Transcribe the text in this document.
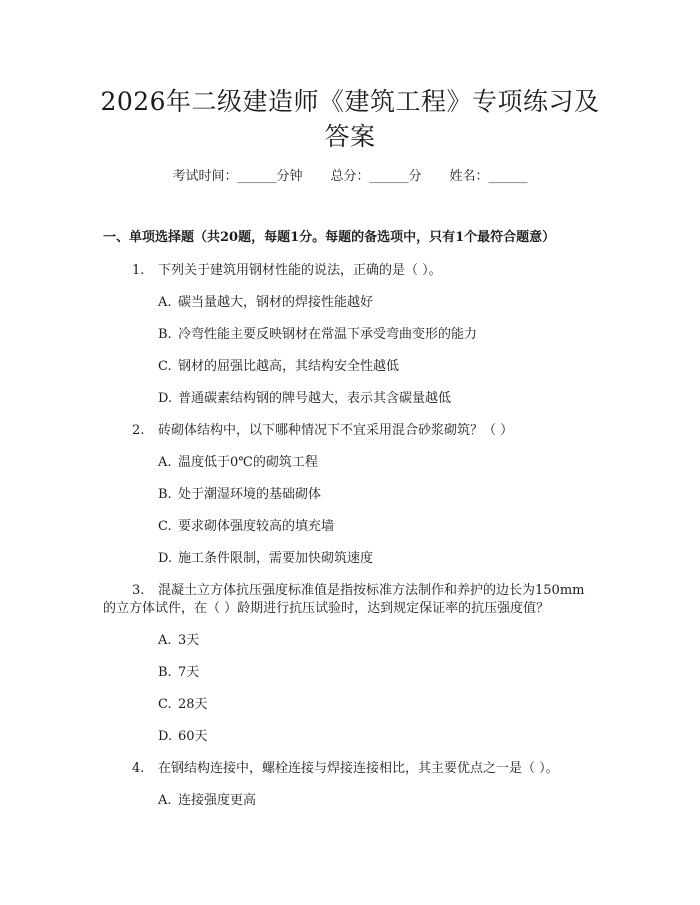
2026年二级建造师《建筑工程》专项练习及
答案
考试时间：______分钟 总分：______分 姓名：______
一、单项选择题（共20题，每题1分。每题的备选项中，只有1个最符合题意）
1. 下列关于建筑用钢材性能的说法，正确的是（ ）。
A. 碳当量越大，钢材的焊接性能越好
B. 冷弯性能主要反映钢材在常温下承受弯曲变形的能力
C. 钢材的屈强比越高，其结构安全性越低
D. 普通碳素结构钢的牌号越大，表示其含碳量越低
2. 砖砌体结构中，以下哪种情况下不宜采用混合砂浆砌筑？（ ）
A. 温度低于0℃的砌筑工程
B. 处于潮湿环境的基础砌体
C. 要求砌体强度较高的填充墙
D. 施工条件限制，需要加快砌筑速度
3. 混凝土立方体抗压强度标准值是指按标准方法制作和养护的边长为150mm
的立方体试件，在（ ）龄期进行抗压试验时，达到规定保证率的抗压强度值？
A. 3天
B. 7天
C. 28天
D. 60天
4. 在钢结构连接中，螺栓连接与焊接连接相比，其主要优点之一是（ ）。
A. 连接强度更高
